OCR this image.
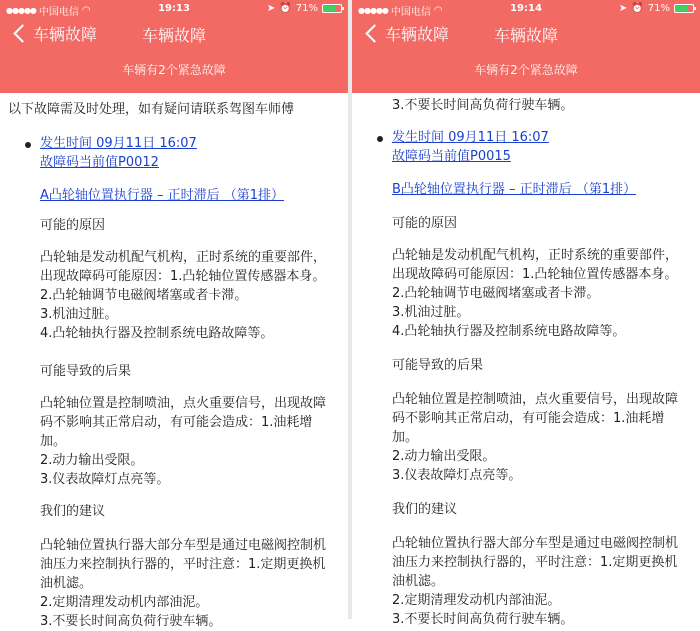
●●●●● 中国电信 ◠	19:13	➤ ⏰ 71%
车辆故障	车辆故障
车辆有2个紧急故障
以下故障需及时处理，如有疑问请联系驾图车师傅
发生时间 09月11日 16:07
故障码当前值P0012
A凸轮轴位置执行器 – 正时滞后 （第1排）
可能的原因
凸轮轴是发动机配气机构，正时系统的重要部件，
出现故障码可能原因：1.凸轮轴位置传感器本身。
2.凸轮轴调节电磁阀堵塞或者卡滞。
3.机油过脏。
4.凸轮轴执行器及控制系统电路故障等。
可能导致的后果
凸轮轴位置是控制喷油，点火重要信号，出现故障
码不影响其正常启动，有可能会造成：1.油耗增
加。
2.动力输出受限。
3.仪表故障灯点亮等。
我们的建议
凸轮轴位置执行器大部分车型是通过电磁阀控制机
油压力来控制执行器的，平时注意：1.定期更换机
油机滤。
2.定期清理发动机内部油泥。
3.不要长时间高负荷行驶车辆。
●●●●● 中国电信 ◠	19:14	➤ ⏰ 71%
车辆故障	车辆故障
车辆有2个紧急故障
3.不要长时间高负荷行驶车辆。
发生时间 09月11日 16:07
故障码当前值P0015
B凸轮轴位置执行器 – 正时滞后 （第1排）
可能的原因
凸轮轴是发动机配气机构，正时系统的重要部件，
出现故障码可能原因：1.凸轮轴位置传感器本身。
2.凸轮轴调节电磁阀堵塞或者卡滞。
3.机油过脏。
4.凸轮轴执行器及控制系统电路故障等。
可能导致的后果
凸轮轴位置是控制喷油，点火重要信号，出现故障
码不影响其正常启动，有可能会造成：1.油耗增
加。
2.动力输出受限。
3.仪表故障灯点亮等。
我们的建议
凸轮轴位置执行器大部分车型是通过电磁阀控制机
油压力来控制执行器的，平时注意：1.定期更换机
油机滤。
2.定期清理发动机内部油泥。
3.不要长时间高负荷行驶车辆。
